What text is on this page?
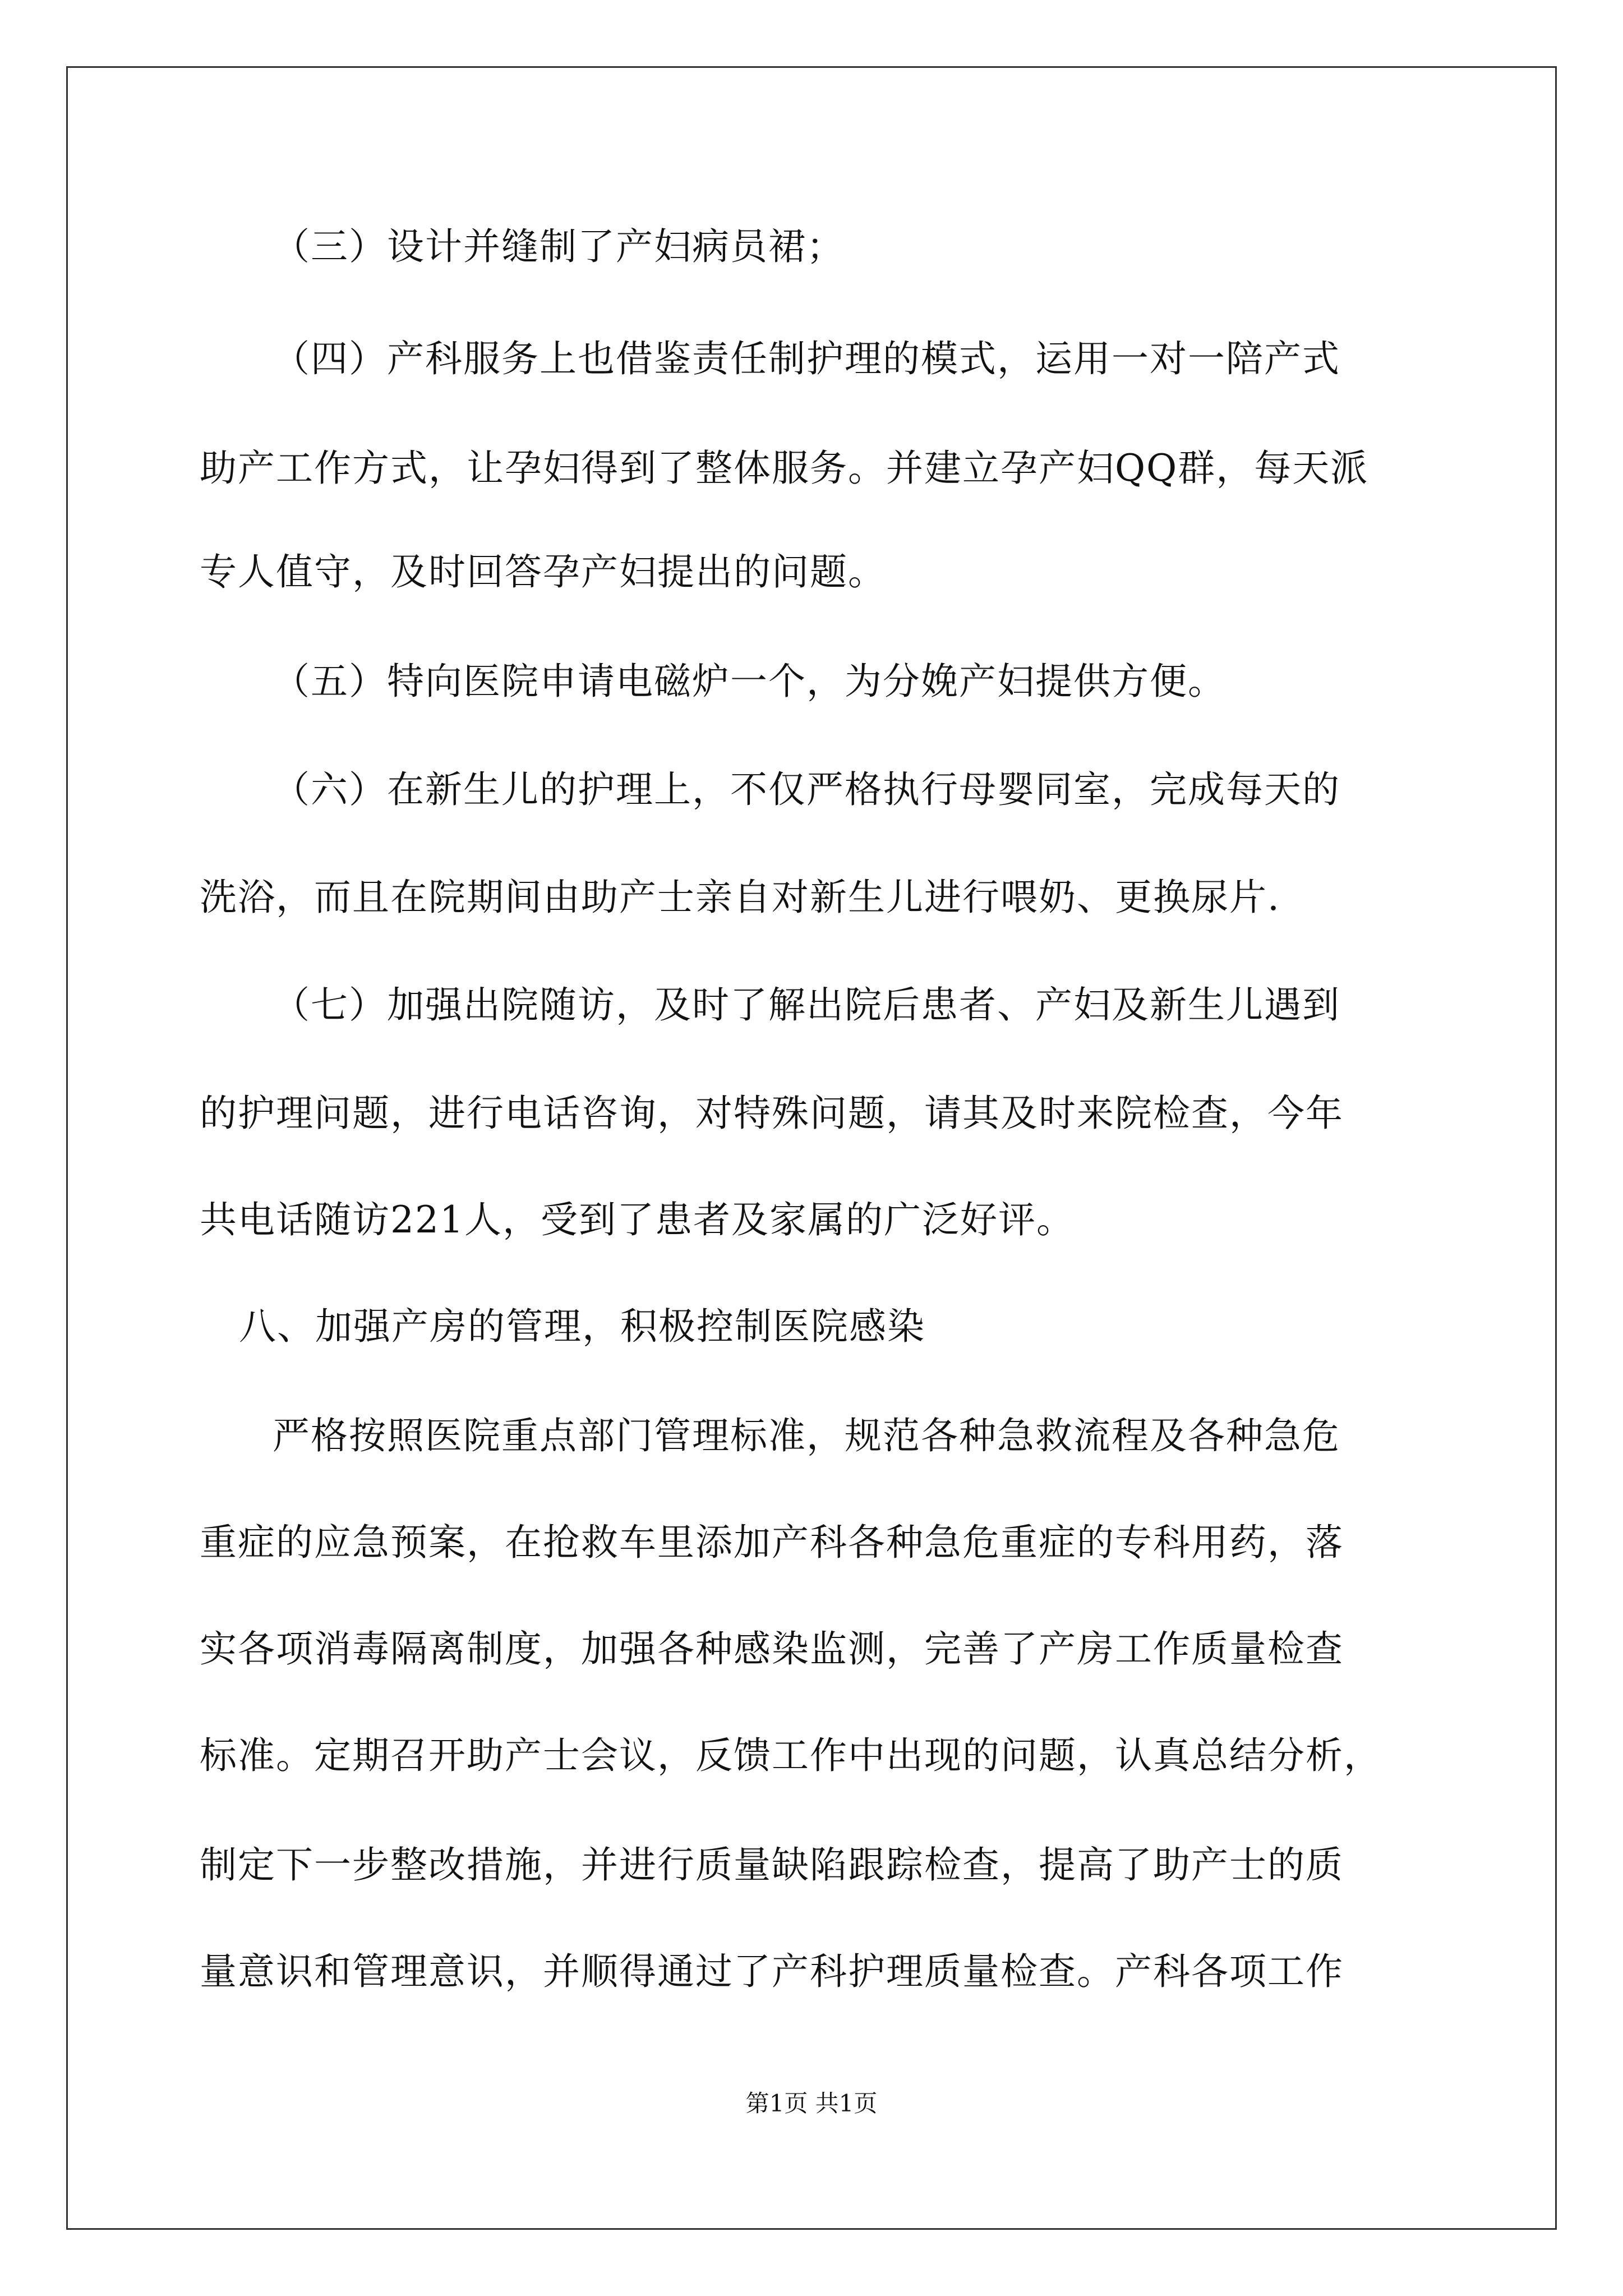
（三）设计并缝制了产妇病员裙；
（四）产科服务上也借鉴责任制护理的模式，运用一对一陪产式
助产工作方式，让孕妇得到了整体服务。并建立孕产妇QQ群，每天派
专人值守，及时回答孕产妇提出的问题。
（五）特向医院申请电磁炉一个，为分娩产妇提供方便。
（六）在新生儿的护理上，不仅严格执行母婴同室，完成每天的
洗浴，而且在院期间由助产士亲自对新生儿进行喂奶、更换尿片.
（七）加强出院随访，及时了解出院后患者、产妇及新生儿遇到
的护理问题，进行电话咨询，对特殊问题，请其及时来院检查，今年
共电话随访221人，受到了患者及家属的广泛好评。
八、加强产房的管理，积极控制医院感染
严格按照医院重点部门管理标准，规范各种急救流程及各种急危
重症的应急预案，在抢救车里添加产科各种急危重症的专科用药，落
实各项消毒隔离制度，加强各种感染监测，完善了产房工作质量检查
标准。定期召开助产士会议，反馈工作中出现的问题，认真总结分析，
制定下一步整改措施，并进行质量缺陷跟踪检查，提高了助产士的质
量意识和管理意识，并顺得通过了产科护理质量检查。产科各项工作
第1页 共1页
